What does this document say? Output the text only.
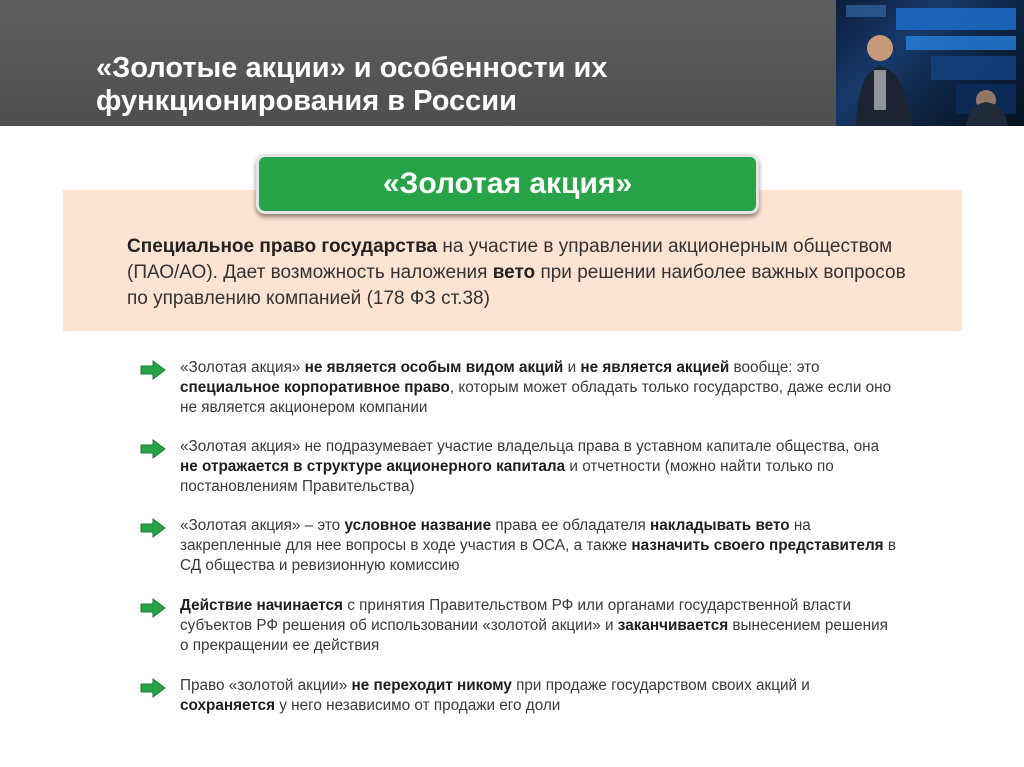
«Золотые акции» и особенности их
функционирования в России
Специальное право государства на участие в управлении акционерным обществом (ПАО/АО). Дает возможность наложения вето при решении наиболее важных вопросов по управлению компанией (178 ФЗ ст.38)
«Золотая акция»
«Золотая акция» не является особым видом акций и не является акцией вообще: это специальное корпоративное право, которым может обладать только государство, даже если оно не является акционером компании
«Золотая акция» не подразумевает участие владельца права в уставном капитале общества, она не отражается в структуре акционерного капитала и отчетности (можно найти только по постановлениям Правительства)
«Золотая акция» – это условное название права ее обладателя накладывать вето на закрепленные для нее вопросы в ходе участия в ОСА, а также назначить своего представителя в СД общества и ревизионную комиссию
Действие начинается с принятия Правительством РФ или органами государственной власти субъектов РФ решения об использовании «золотой акции» и заканчивается вынесением решения о прекращении ее действия
Право «золотой акции» не переходит никому при продаже государством своих акций и сохраняется у него независимо от продажи его доли
